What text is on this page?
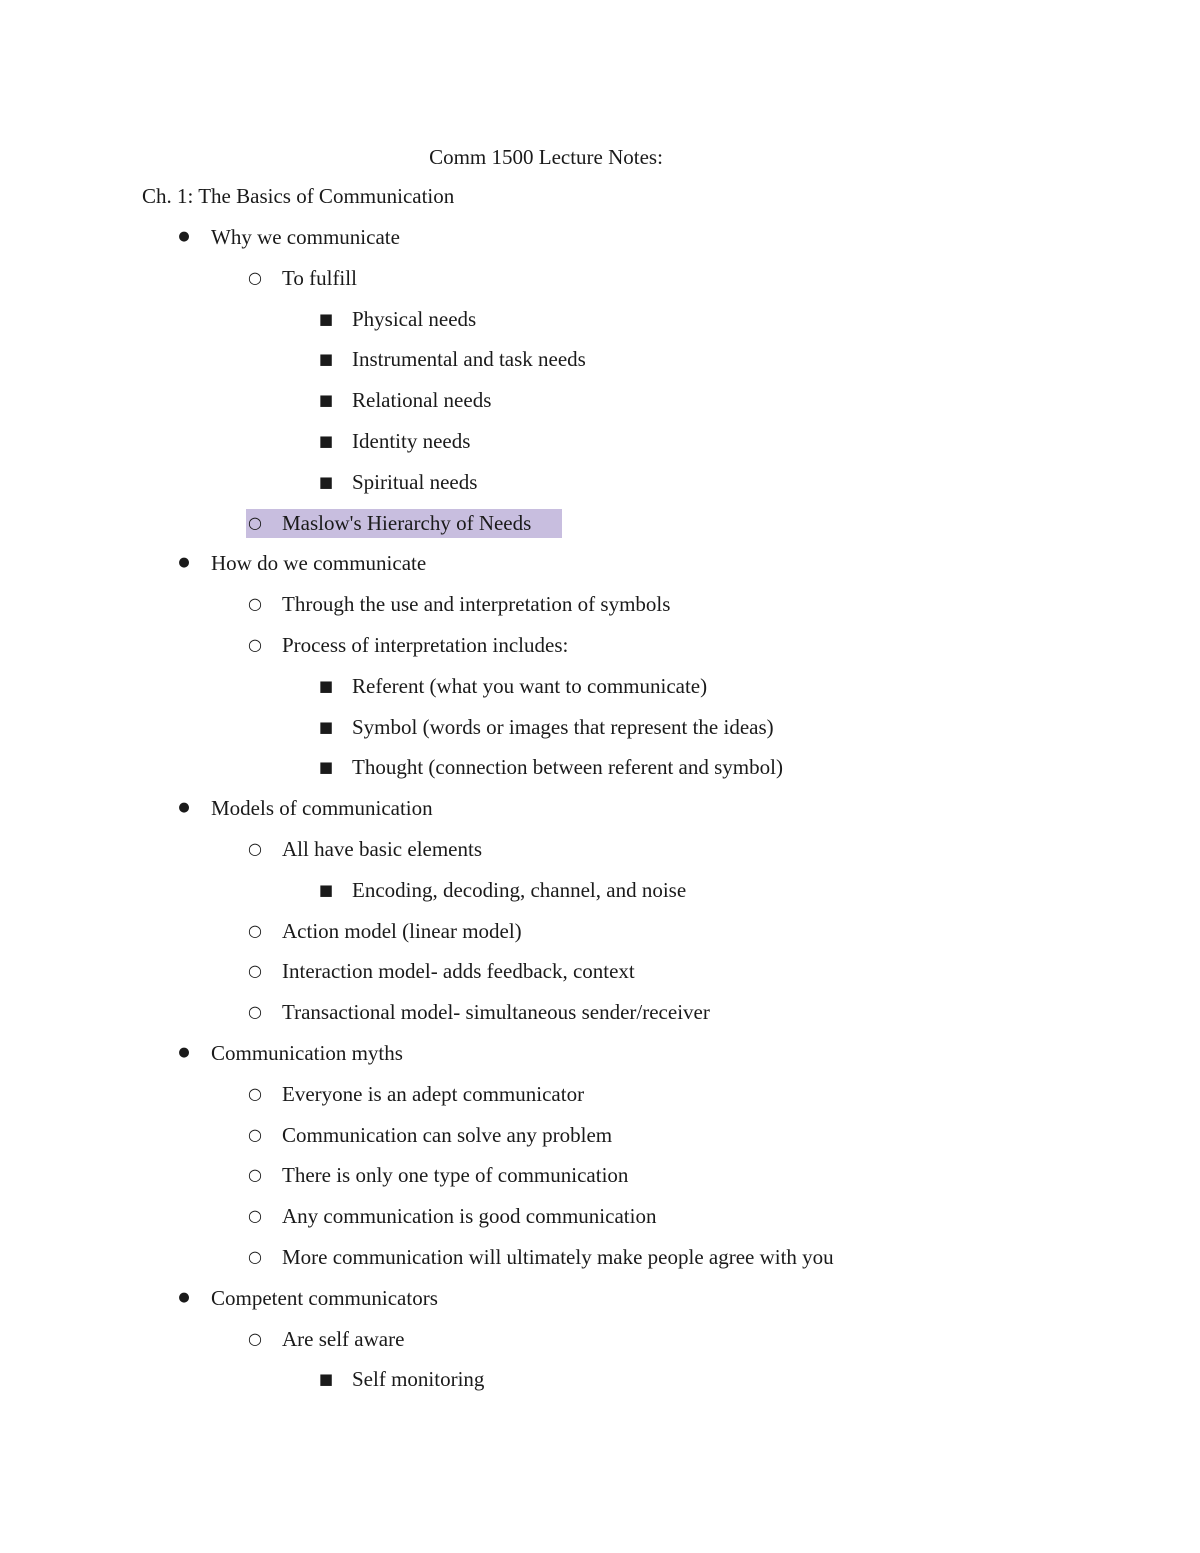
Comm 1500 Lecture Notes:
Ch. 1: The Basics of Communication
● Why we communicate
○ To fulfill
■ Physical needs
■ Instrumental and task needs
■ Relational needs
■ Identity needs
■ Spiritual needs
○ Maslow's Hierarchy of Needs
● How do we communicate
○ Through the use and interpretation of symbols
○ Process of interpretation includes:
■ Referent (what you want to communicate)
■ Symbol (words or images that represent the ideas)
■ Thought (connection between referent and symbol)
● Models of communication
○ All have basic elements
■ Encoding, decoding, channel, and noise
○ Action model (linear model)
○ Interaction model- adds feedback, context
○ Transactional model- simultaneous sender/receiver
● Communication myths
○ Everyone is an adept communicator
○ Communication can solve any problem
○ There is only one type of communication
○ Any communication is good communication
○ More communication will ultimately make people agree with you
● Competent communicators
○ Are self aware
■ Self monitoring
